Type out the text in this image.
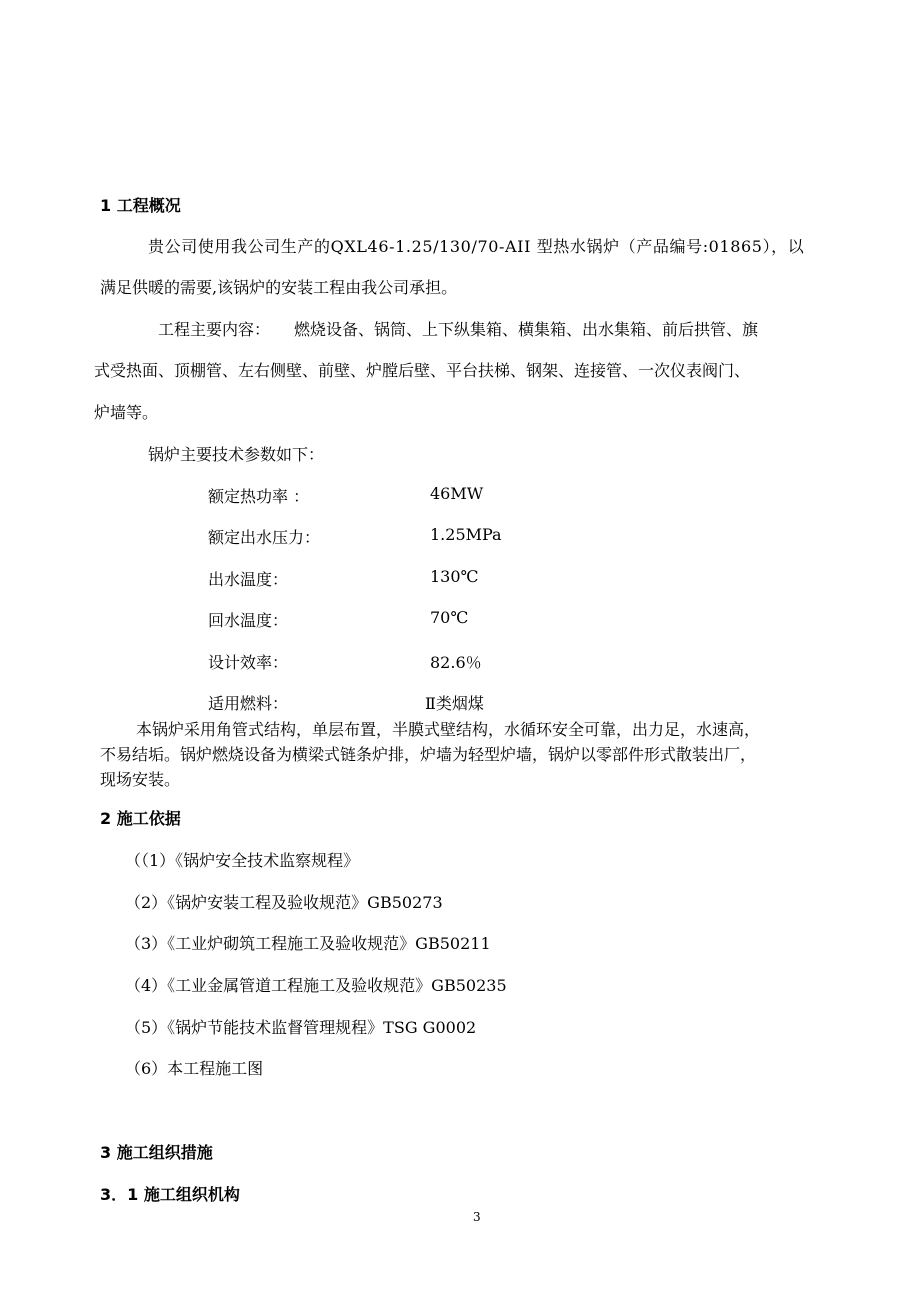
1 工程概况
贵公司使用我公司生产的QXL46-1.25/130/70-AII 型热水锅炉（产品编号:01865），以
满足供暖的需要,该锅炉的安装工程由我公司承担。
工程主要内容：　　燃烧设备、锅筒、上下纵集箱、横集箱、出水集箱、前后拱管、旗
式受热面、顶棚管、左右侧壁、前壁、炉膛后壁、平台扶梯、钢架、连接管、一次仪表阀门、
炉墙等。
锅炉主要技术参数如下：
额定热功率 ：	46MW
额定出水压力：	1.25MPa
出水温度：	130℃
回水温度：	70℃
设计效率：	82.6％
适用燃料：	Ⅱ类烟煤
本锅炉采用角管式结构，单层布置，半膜式壁结构，水循环安全可靠，出力足，水速高，
不易结垢。锅炉燃烧设备为横梁式链条炉排，炉墙为轻型炉墙，锅炉以零部件形式散装出厂，
现场安装。
2 施工依据
（（1）《锅炉安全技术监察规程》
（2）《锅炉安装工程及验收规范》GB50273
（3）《工业炉砌筑工程施工及验收规范》GB50211
（4）《工业金属管道工程施工及验收规范》GB50235
（5）《锅炉节能技术监督管理规程》TSG G0002
（6）本工程施工图
3 施工组织措施
3．1 施工组织机构
3
